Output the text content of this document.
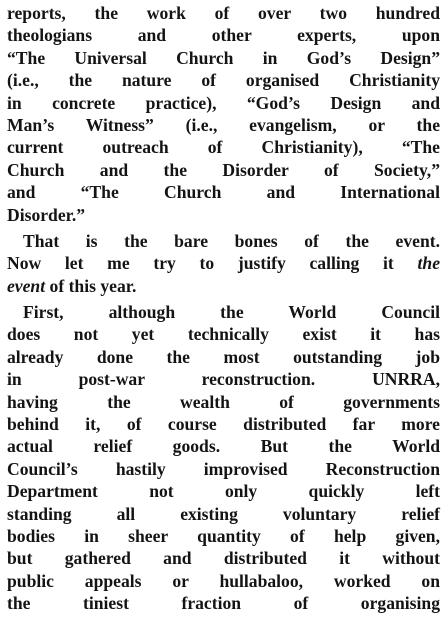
reports, the work of over two hundred
theologians and other experts, upon
“The Universal Church in God’s Design”
(i.e., the nature of organised Christianity
in concrete practice), “God’s Design and
Man’s Witness” (i.e., evangelism, or the
current outreach of Christianity), “The
Church and the Disorder of Society,”
and “The Church and International
Disorder.”

That is the bare bones of the event.
Now let me try to justify calling it the
event of this year.

First, although the World Council
does not yet technically exist it has
already done the most outstanding job
in post-war reconstruction. UNRRA,
having the wealth of governments
behind it, of course distributed far more
actual relief goods. But the World
Council’s hastily improvised Reconstruction
Department not only quickly left
standing all existing voluntary relief
bodies in sheer quantity of help given,
but gathered and distributed it without
public appeals or hullabaloo, worked on
the tiniest fraction of organising
